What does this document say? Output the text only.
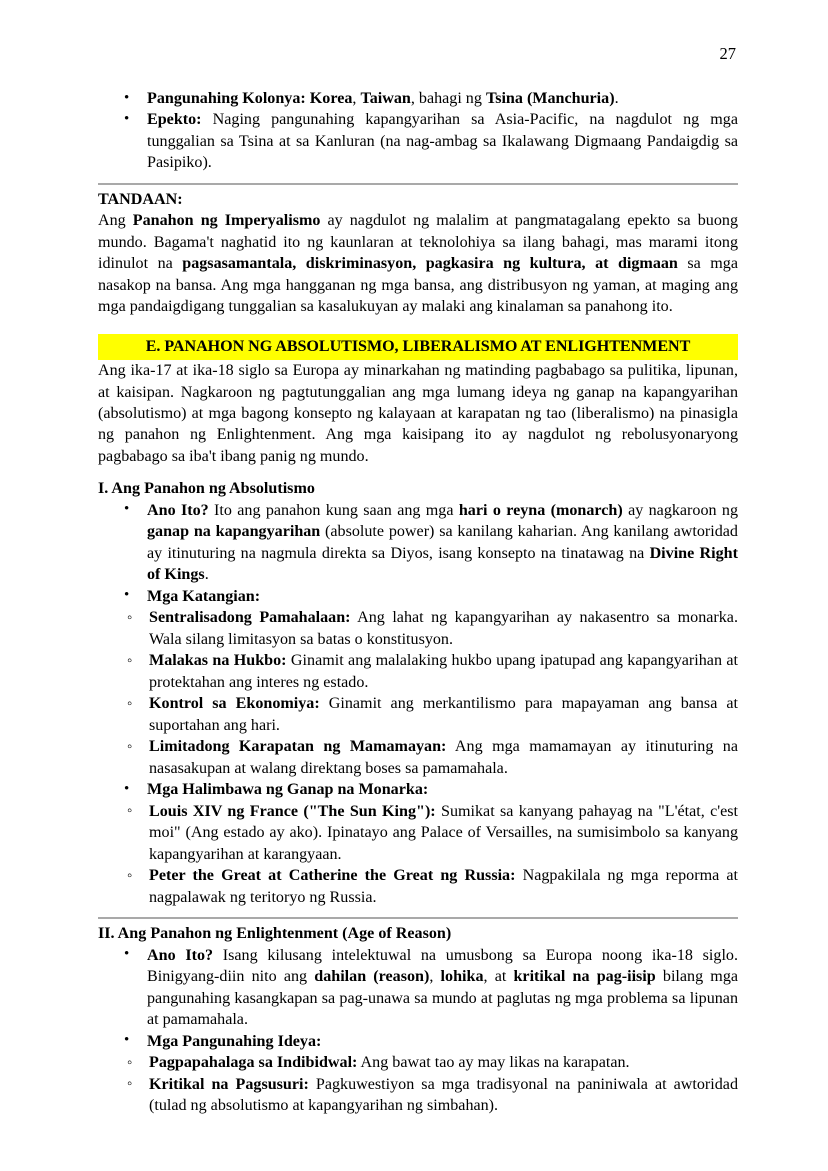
27
• Pangunahing Kolonya: Korea, Taiwan, bahagi ng Tsina (Manchuria).
• Epekto: Naging pangunahing kapangyarihan sa Asia-Pacific, na nagdulot ng mga tunggalian sa Tsina at sa Kanluran (na nag-ambag sa Ikalawang Digmaang Pandaigdig sa Pasipiko).
TANDAAN:

Ang Panahon ng Imperyalismo ay nagdulot ng malalim at pangmatagalang epekto sa buong mundo. Bagama't naghatid ito ng kaunlaran at teknolohiya sa ilang bahagi, mas marami itong idinulot na pagsasamantala, diskriminasyon, pagkasira ng kultura, at digmaan sa mga nasakop na bansa. Ang mga hangganan ng mga bansa, ang distribusyon ng yaman, at maging ang mga pandaigdigang tunggalian sa kasalukuyan ay malaki ang kinalaman sa panahong ito.

E. PANAHON NG ABSOLUTISMO, LIBERALISMO AT ENLIGHTENMENT

Ang ika-17 at ika-18 siglo sa Europa ay minarkahan ng matinding pagbabago sa pulitika, lipunan, at kaisipan. Nagkaroon ng pagtutunggalian ang mga lumang ideya ng ganap na kapangyarihan (absolutismo) at mga bagong konsepto ng kalayaan at karapatan ng tao (liberalismo) na pinasigla ng panahon ng Enlightenment. Ang mga kaisipang ito ay nagdulot ng rebolusyonaryong pagbabago sa iba't ibang panig ng mundo.

I. Ang Panahon ng Absolutismo
• Ano Ito? Ito ang panahon kung saan ang mga hari o reyna (monarch) ay nagkaroon ng ganap na kapangyarihan (absolute power) sa kanilang kaharian. Ang kanilang awtoridad ay itinuturing na nagmula direkta sa Diyos, isang konsepto na tinatawag na Divine Right of Kings.
• Mga Katangian:
◦ Sentralisadong Pamahalaan: Ang lahat ng kapangyarihan ay nakasentro sa monarka. Wala silang limitasyon sa batas o konstitusyon.
◦ Malakas na Hukbo: Ginamit ang malalaking hukbo upang ipatupad ang kapangyarihan at protektahan ang interes ng estado.
◦ Kontrol sa Ekonomiya: Ginamit ang merkantilismo para mapayaman ang bansa at suportahan ang hari.
◦ Limitadong Karapatan ng Mamamayan: Ang mga mamamayan ay itinuturing na nasasakupan at walang direktang boses sa pamamahala.
• Mga Halimbawa ng Ganap na Monarka:
◦ Louis XIV ng France ("The Sun King"): Sumikat sa kanyang pahayag na "L'état, c'est moi" (Ang estado ay ako). Ipinatayo ang Palace of Versailles, na sumisimbolo sa kanyang kapangyarihan at karangyaan.
◦ Peter the Great at Catherine the Great ng Russia: Nagpakilala ng mga reporma at nagpalawak ng teritoryo ng Russia.
II. Ang Panahon ng Enlightenment (Age of Reason)
• Ano Ito? Isang kilusang intelektuwal na umusbong sa Europa noong ika-18 siglo. Binigyang-diin nito ang dahilan (reason), lohika, at kritikal na pag-iisip bilang mga pangunahing kasangkapan sa pag-unawa sa mundo at paglutas ng mga problema sa lipunan at pamamahala.
• Mga Pangunahing Ideya:
◦ Pagpapahalaga sa Indibidwal: Ang bawat tao ay may likas na karapatan.
◦ Kritikal na Pagsusuri: Pagkuwestiyon sa mga tradisyonal na paniniwala at awtoridad (tulad ng absolutismo at kapangyarihan ng simbahan).
